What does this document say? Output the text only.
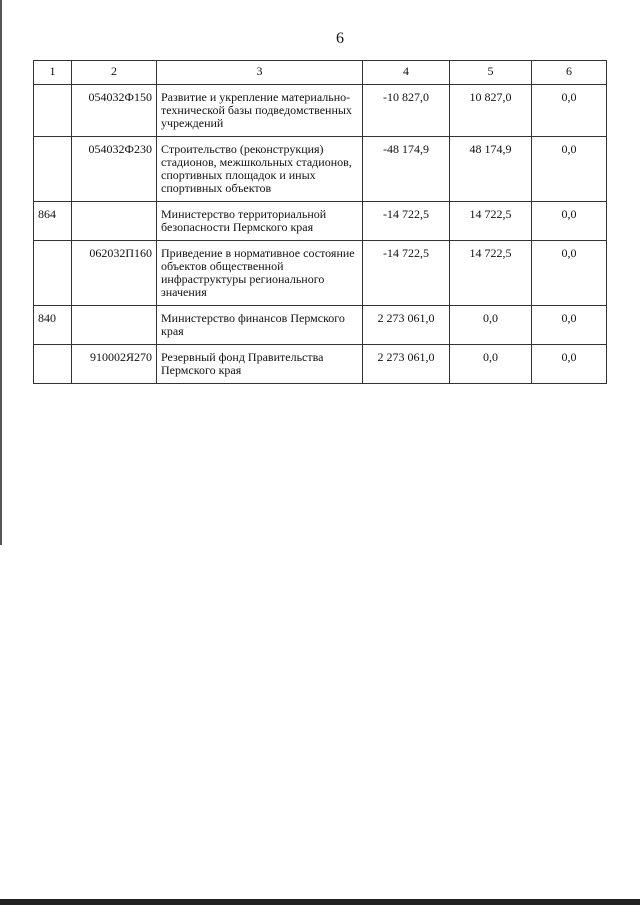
6
1	2	3	4	5	6
	054032Ф150	Развитие и укрепление материально-технической базы подведомственных учреждений	-10 827,0	10 827,0	0,0
	054032Ф230	Строительство (реконструкция) стадионов, межшкольных стадионов, спортивных площадок и иных спортивных объектов	-48 174,9	48 174,9	0,0
864		Министерство территориальной безопасности Пермского края	-14 722,5	14 722,5	0,0
	062032П160	Приведение в нормативное состояние объектов общественной инфраструктуры регионального значения	-14 722,5	14 722,5	0,0
840		Министерство финансов Пермского края	2 273 061,0	0,0	0,0
	910002Я270	Резервный фонд Правительства Пермского края	2 273 061,0	0,0	0,0
